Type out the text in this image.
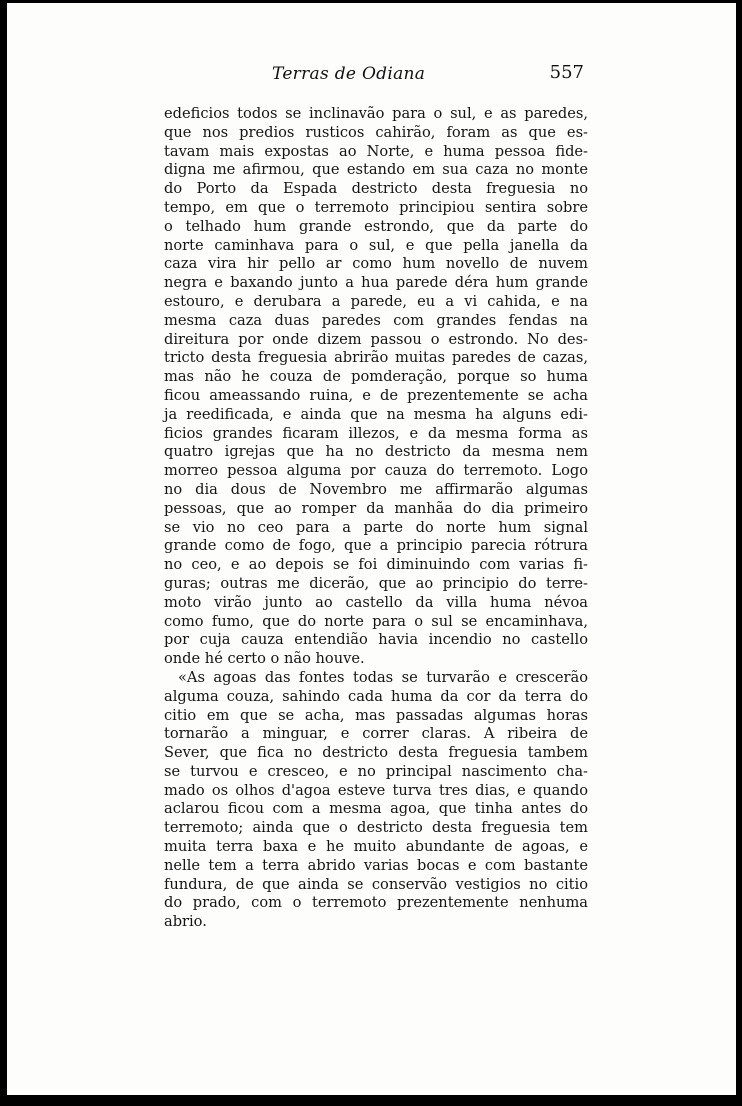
Terras de Odiana	557
edeficios todos se inclinavão para o sul, e as paredes,
que nos predios rusticos cahirão, foram as que es-
tavam mais expostas ao Norte, e huma pessoa fide-
digna me afirmou, que estando em sua caza no monte
do Porto da Espada destricto desta freguesia no
tempo, em que o terremoto principiou sentira sobre
o telhado hum grande estrondo, que da parte do
norte caminhava para o sul, e que pella janella da
caza vira hir pello ar como hum novello de nuvem
negra e baxando junto a hua parede déra hum grande
estouro, e derubara a parede, eu a vi cahida, e na
mesma caza duas paredes com grandes fendas na
direitura por onde dizem passou o estrondo. No des-
tricto desta freguesia abrirão muitas paredes de cazas,
mas não he couza de pomderação, porque so huma
ficou ameassando ruina, e de prezentemente se acha
ja reedificada, e ainda que na mesma ha alguns edi-
ficios grandes ficaram illezos, e da mesma forma as
quatro igrejas que ha no destricto da mesma nem
morreo pessoa alguma por cauza do terremoto. Logo
no dia dous de Novembro me affirmarão algumas
pessoas, que ao romper da manhãa do dia primeiro
se vio no ceo para a parte do norte hum signal
grande como de fogo, que a principio parecia rótrura
no ceo, e ao depois se foi diminuindo com varias fi-
guras; outras me dicerão, que ao principio do terre-
moto virão junto ao castello da villa huma névoa
como fumo, que do norte para o sul se encaminhava,
por cuja cauza entendião havia incendio no castello
onde hé certo o não houve.
«As agoas das fontes todas se turvarão e crescerão
alguma couza, sahindo cada huma da cor da terra do
citio em que se acha, mas passadas algumas horas
tornarão a minguar, e correr claras. A ribeira de
Sever, que fica no destricto desta freguesia tambem
se turvou e cresceo, e no principal nascimento cha-
mado os olhos d'agoa esteve turva tres dias, e quando
aclarou ficou com a mesma agoa, que tinha antes do
terremoto; ainda que o destricto desta freguesia tem
muita terra baxa e he muito abundante de agoas, e
nelle tem a terra abrido varias bocas e com bastante
fundura, de que ainda se conservão vestigios no citio
do prado, com o terremoto prezentemente nenhuma
abrio.
